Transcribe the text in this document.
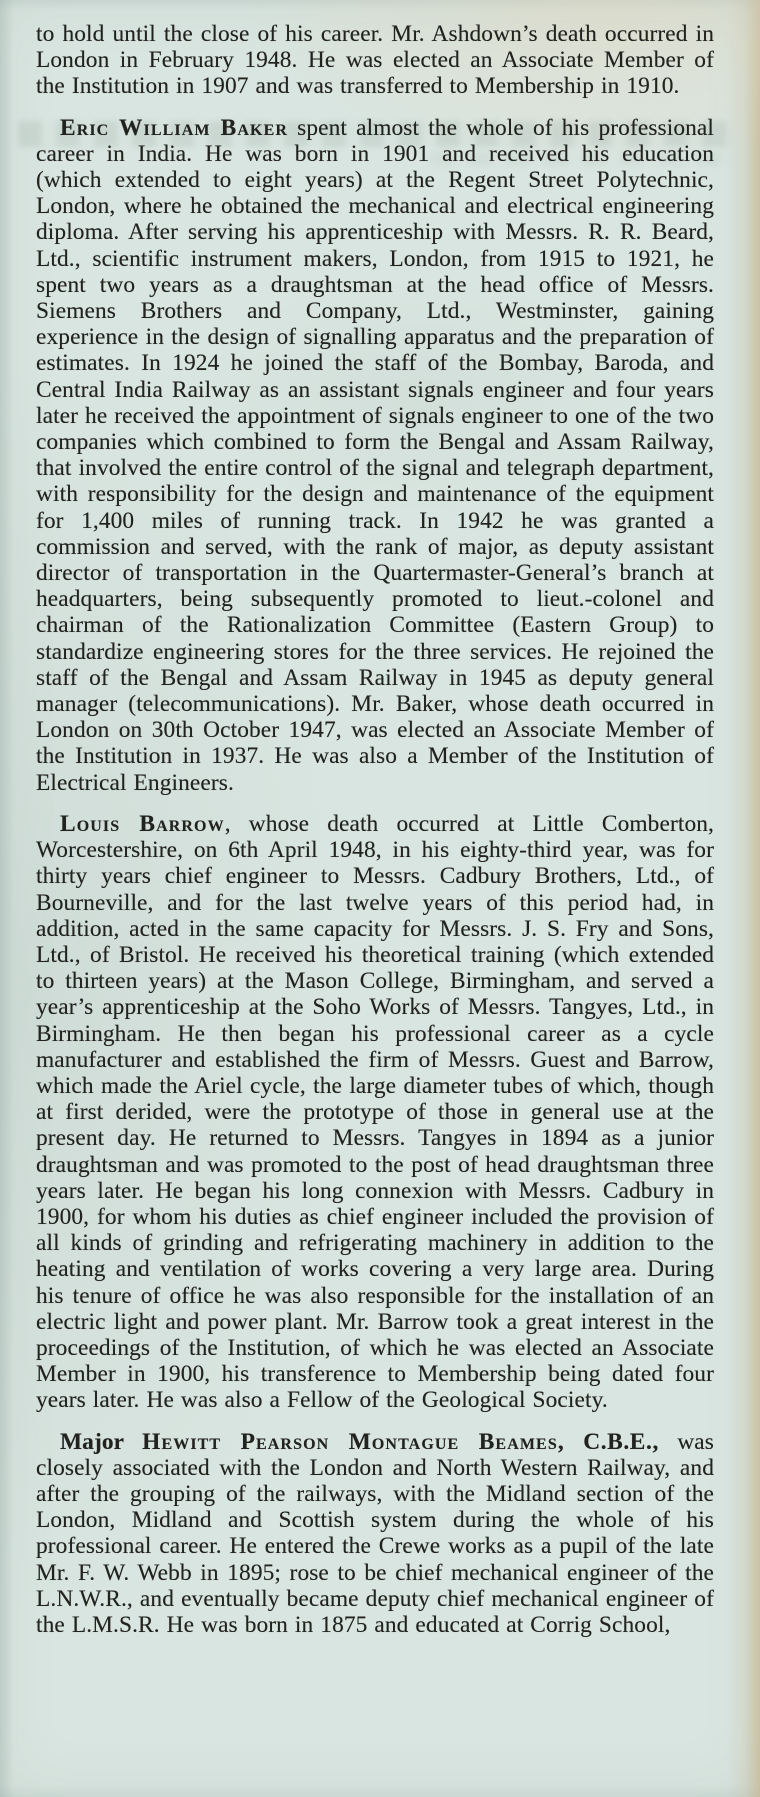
to hold until the close of his career. Mr. Ashdown’s death occurred in London in February 1948. He was elected an Associate Member of the Institution in 1907 and was transferred to Membership in 1910.

Eric William Baker spent almost the whole of his professional career in India. He was born in 1901 and received his education (which extended to eight years) at the Regent Street Polytechnic, London, where he obtained the mechanical and electrical engineering diploma. After serving his apprenticeship with Messrs. R. R. Beard, Ltd., scientific instrument makers, London, from 1915 to 1921, he spent two years as a draughtsman at the head office of Messrs. Siemens Brothers and Company, Ltd., Westminster, gaining experience in the design of signalling apparatus and the preparation of estimates. In 1924 he joined the staff of the Bombay, Baroda, and Central India Railway as an assistant signals engineer and four years later he received the appointment of signals engineer to one of the two companies which combined to form the Bengal and Assam Railway, that involved the entire control of the signal and telegraph department, with responsibility for the design and maintenance of the equipment for 1,400 miles of running track. In 1942 he was granted a commission and served, with the rank of major, as deputy assistant director of transportation in the Quartermaster-General’s branch at headquarters, being subsequently promoted to lieut.-colonel and chairman of the Rationalization Committee (Eastern Group) to standardize engineering stores for the three services. He rejoined the staff of the Bengal and Assam Railway in 1945 as deputy general manager (telecommunications). Mr. Baker, whose death occurred in London on 30th October 1947, was elected an Associate Member of the Institution in 1937. He was also a Member of the Institution of Electrical Engineers.

Louis Barrow, whose death occurred at Little Comberton, Worcestershire, on 6th April 1948, in his eighty-third year, was for thirty years chief engineer to Messrs. Cadbury Brothers, Ltd., of Bourneville, and for the last twelve years of this period had, in addition, acted in the same capacity for Messrs. J. S. Fry and Sons, Ltd., of Bristol. He received his theoretical training (which extended to thirteen years) at the Mason College, Birmingham, and served a year’s apprenticeship at the Soho Works of Messrs. Tangyes, Ltd., in Birmingham. He then began his professional career as a cycle manufacturer and established the firm of Messrs. Guest and Barrow, which made the Ariel cycle, the large diameter tubes of which, though at first derided, were the prototype of those in general use at the present day. He returned to Messrs. Tangyes in 1894 as a junior draughtsman and was promoted to the post of head draughtsman three years later. He began his long connexion with Messrs. Cadbury in 1900, for whom his duties as chief engineer included the provision of all kinds of grinding and refrigerating machinery in addition to the heating and ventilation of works covering a very large area. During his tenure of office he was also responsible for the installation of an electric light and power plant. Mr. Barrow took a great interest in the proceedings of the Institution, of which he was elected an Associate Member in 1900, his transference to Membership being dated four years later. He was also a Fellow of the Geological Society.

Major Hewitt Pearson Montague Beames, C.B.E., was closely associated with the London and North Western Railway, and after the grouping of the railways, with the Midland section of the London, Midland and Scottish system during the whole of his professional career. He entered the Crewe works as a pupil of the late Mr. F. W. Webb in 1895; rose to be chief mechanical engineer of the L.N.W.R., and eventually became deputy chief mechanical engineer of the L.M.S.R. He was born in 1875 and educated at Corrig School,
